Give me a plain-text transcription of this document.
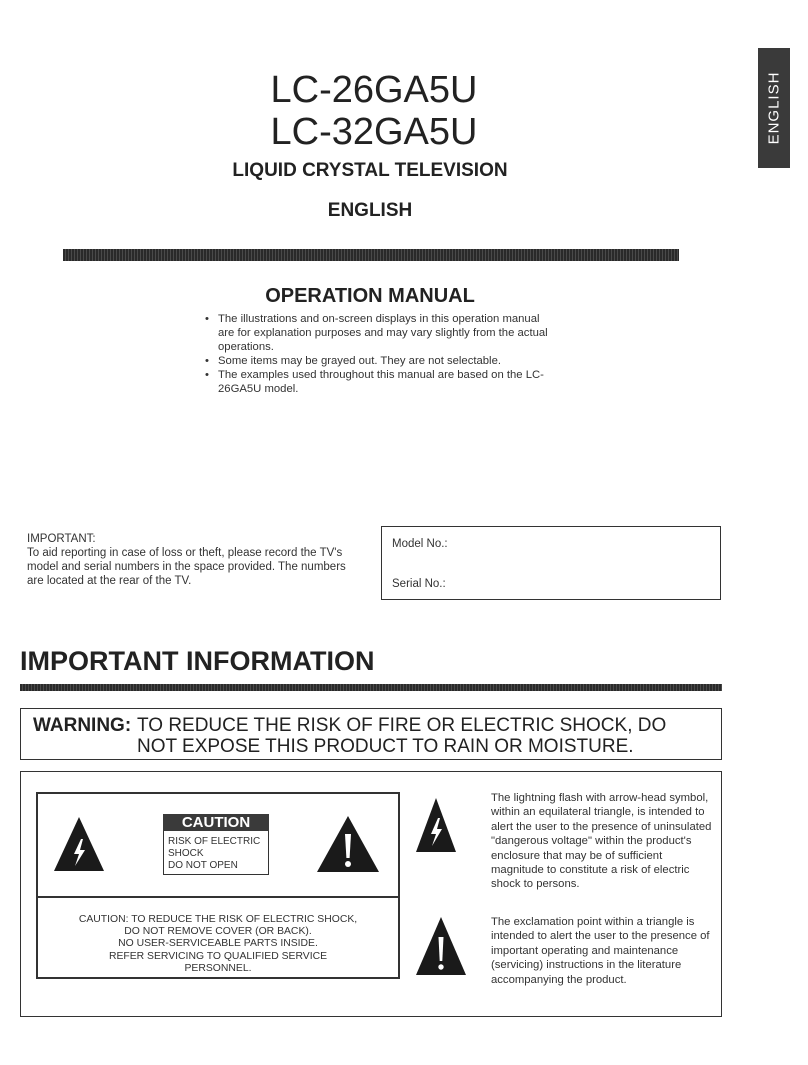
ENGLISH
LC-26GA5U
LC-32GA5U
LIQUID CRYSTAL TELEVISION
ENGLISH
OPERATION MANUAL
• The illustrations and on-screen displays in this operation manual are for explanation purposes and may vary slightly from the actual operations.
• Some items may be grayed out. They are not selectable.
• The examples used throughout this manual are based on the LC-26GA5U model.
IMPORTANT:
To aid reporting in case of loss or theft, please record the TV's model and serial numbers in the space provided. The numbers are located at the rear of the TV.
Model No.:
Serial No.:
IMPORTANT INFORMATION
WARNING: TO REDUCE THE RISK OF FIRE OR ELECTRIC SHOCK, DO
NOT EXPOSE THIS PRODUCT TO RAIN OR MOISTURE.
CAUTION
RISK OF ELECTRIC SHOCK
DO NOT OPEN
CAUTION: TO REDUCE THE RISK OF ELECTRIC SHOCK,
DO NOT REMOVE COVER (OR BACK).
NO USER-SERVICEABLE PARTS INSIDE.
REFER SERVICING TO QUALIFIED SERVICE
PERSONNEL.
The lightning flash with arrow-head symbol, within an equilateral triangle, is intended to alert the user to the presence of uninsulated "dangerous voltage" within the product's enclosure that may be of sufficient magnitude to constitute a risk of electric shock to persons.
The exclamation point within a triangle is intended to alert the user to the presence of important operating and maintenance (servicing) instructions in the literature accompanying the product.
